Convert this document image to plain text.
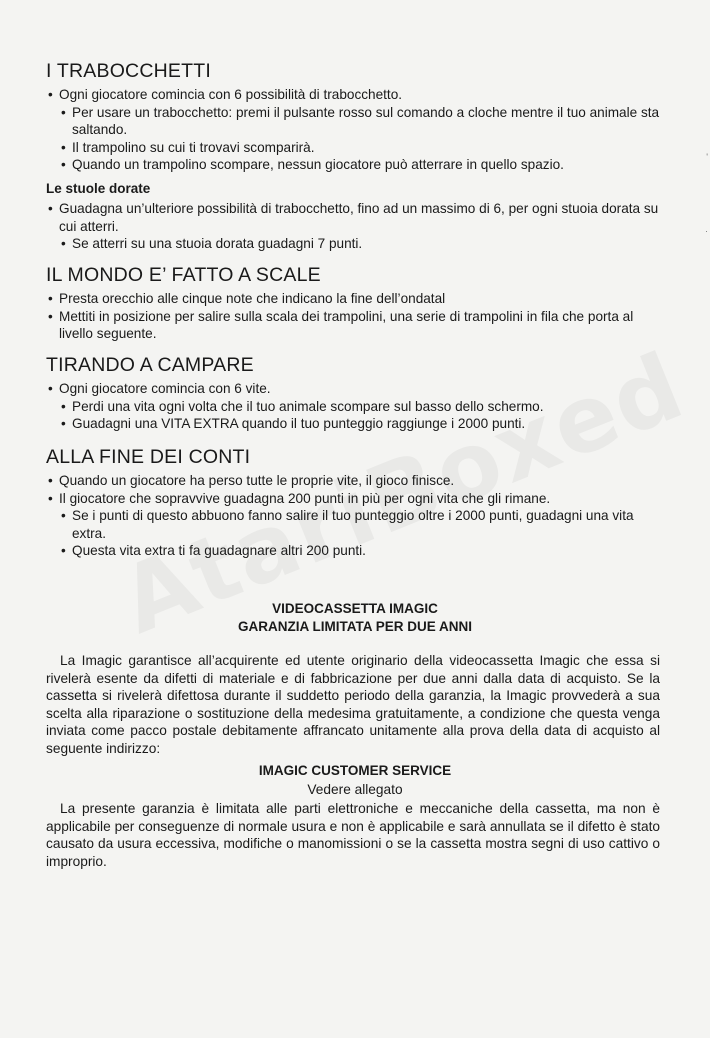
'
·
I TRABOCCHETTI
• Ogni giocatore comincia con 6 possibilità di trabocchetto.
• Per usare un trabocchetto: premi il pulsante rosso sul comando a cloche mentre il tuo animale sta saltando.
• Il trampolino su cui ti trovavi scomparirà.
• Quando un trampolino scompare, nessun giocatore può atterrare in quello spazio.
Le stuole dorate
• Guadagna un’ulteriore possibilità di trabocchetto, fino ad un massimo di 6, per ogni stuoia dorata su cui atterri.
• Se atterri su una stuoia dorata guadagni 7 punti.
IL MONDO E’ FATTO A SCALE
• Presta orecchio alle cinque note che indicano la fine dell’ondatal
• Mettiti in posizione per salire sulla scala dei trampolini, una serie di trampolini in fila che porta al livello seguente.
TIRANDO A CAMPARE
• Ogni giocatore comincia con 6 vite.
• Perdi una vita ogni volta che il tuo animale scompare sul basso dello schermo.
• Guadagni una VITA EXTRA quando il tuo punteggio raggiunge i 2000 punti.
ALLA FINE DEI CONTI
• Quando un giocatore ha perso tutte le proprie vite, il gioco finisce.
• Il giocatore che sopravvive guadagna 200 punti in più per ogni vita che gli rimane.
• Se i punti di questo abbuono fanno salire il tuo punteggio oltre i 2000 punti, guadagni una vita extra.
• Questa vita extra ti fa guadagnare altri 200 punti.
VIDEOCASSETTA IMAGIC
GARANZIA LIMITATA PER DUE ANNI

La Imagic garantisce all’acquirente ed utente originario della videocassetta Imagic che essa si rivelerà esente da difetti di materiale e di fabbricazione per due anni dalla data di acquisto. Se la cassetta si rivelerà difettosa durante il suddetto periodo della garanzia, la Imagic provvederà a sua scelta alla riparazione o sostituzione della medesima gratuitamente, a condizione che questa venga inviata come pacco postale debitamente affrancato unitamente alla prova della data di acquisto al seguente indirizzo:

IMAGIC CUSTOMER SERVICE
Vedere allegato

La presente garanzia è limitata alle parti elettroniche e meccaniche della cassetta, ma non è applicabile per conseguenze di normale usura e non è applicabile e sarà annullata se il difetto è stato causato da usura eccessiva, modifiche o manomissioni o se la cassetta mostra segni di uso cattivo o improprio.
